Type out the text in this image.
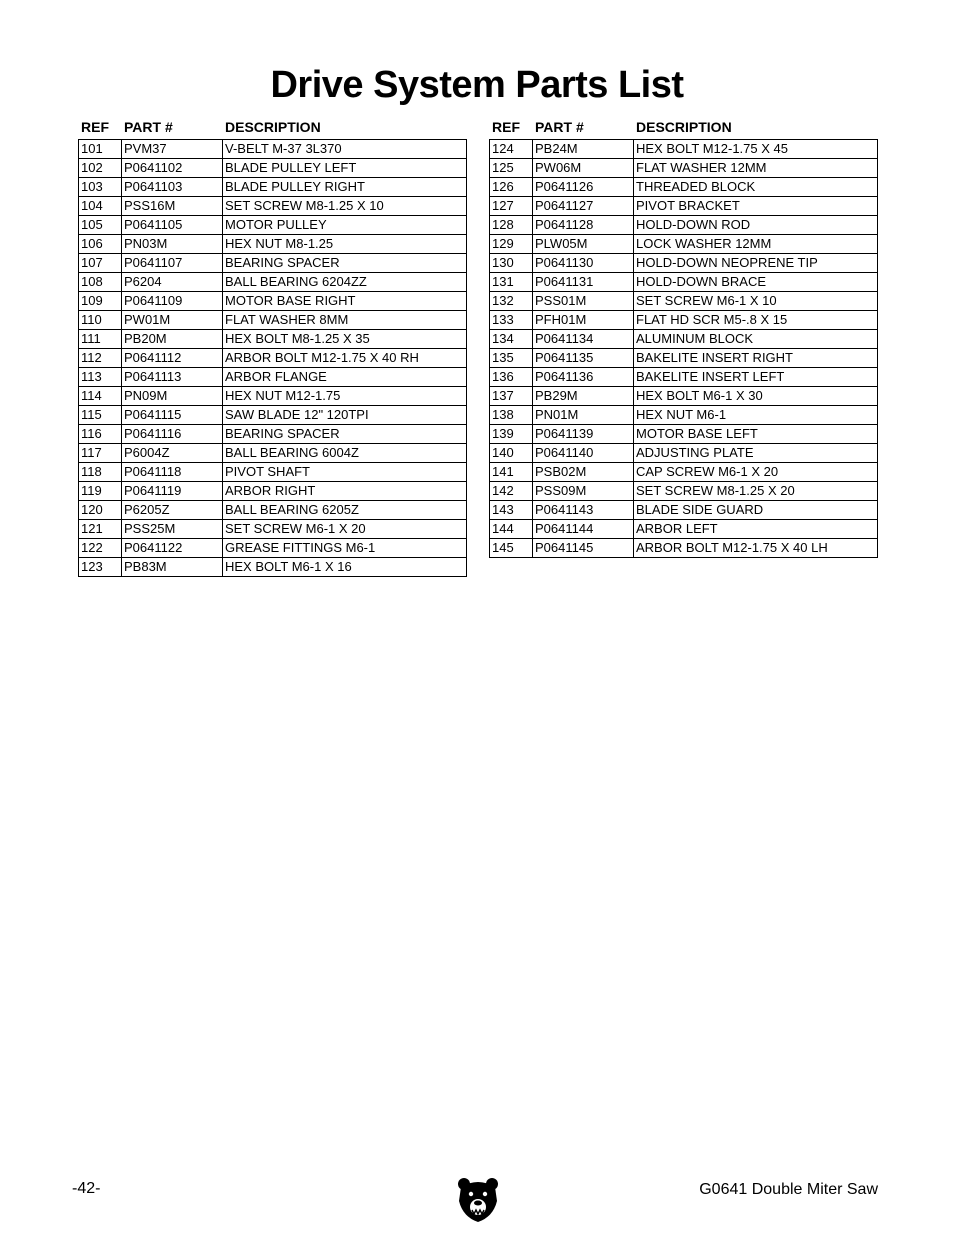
Drive System Parts List
REF	PART #	DESCRIPTION
101	PVM37	V-BELT M-37 3L370
102	P0641102	BLADE PULLEY LEFT
103	P0641103	BLADE PULLEY RIGHT
104	PSS16M	SET SCREW M8-1.25 X 10
105	P0641105	MOTOR PULLEY
106	PN03M	HEX NUT M8-1.25
107	P0641107	BEARING SPACER
108	P6204	BALL BEARING 6204ZZ
109	P0641109	MOTOR BASE RIGHT
110	PW01M	FLAT WASHER 8MM
111	PB20M	HEX BOLT M8-1.25 X 35
112	P0641112	ARBOR BOLT M12-1.75 X 40 RH
113	P0641113	ARBOR FLANGE
114	PN09M	HEX NUT M12-1.75
115	P0641115	SAW BLADE 12" 120TPI
116	P0641116	BEARING SPACER
117	P6004Z	BALL BEARING 6004Z
118	P0641118	PIVOT SHAFT
119	P0641119	ARBOR RIGHT
120	P6205Z	BALL BEARING 6205Z
121	PSS25M	SET SCREW M6-1 X 20
122	P0641122	GREASE FITTINGS M6-1
123	PB83M	HEX BOLT M6-1 X 16
REF	PART #	DESCRIPTION
124	PB24M	HEX BOLT M12-1.75 X 45
125	PW06M	FLAT WASHER 12MM
126	P0641126	THREADED BLOCK
127	P0641127	PIVOT BRACKET
128	P0641128	HOLD-DOWN ROD
129	PLW05M	LOCK WASHER 12MM
130	P0641130	HOLD-DOWN NEOPRENE TIP
131	P0641131	HOLD-DOWN BRACE
132	PSS01M	SET SCREW M6-1 X 10
133	PFH01M	FLAT HD SCR M5-.8 X 15
134	P0641134	ALUMINUM BLOCK
135	P0641135	BAKELITE INSERT RIGHT
136	P0641136	BAKELITE INSERT LEFT
137	PB29M	HEX BOLT M6-1 X 30
138	PN01M	HEX NUT M6-1
139	P0641139	MOTOR BASE LEFT
140	P0641140	ADJUSTING PLATE
141	PSB02M	CAP SCREW M6-1 X 20
142	PSS09M	SET SCREW M8-1.25 X 20
143	P0641143	BLADE SIDE GUARD
144	P0641144	ARBOR LEFT
145	P0641145	ARBOR BOLT M12-1.75 X 40 LH
-42-	G0641 Double Miter Saw
